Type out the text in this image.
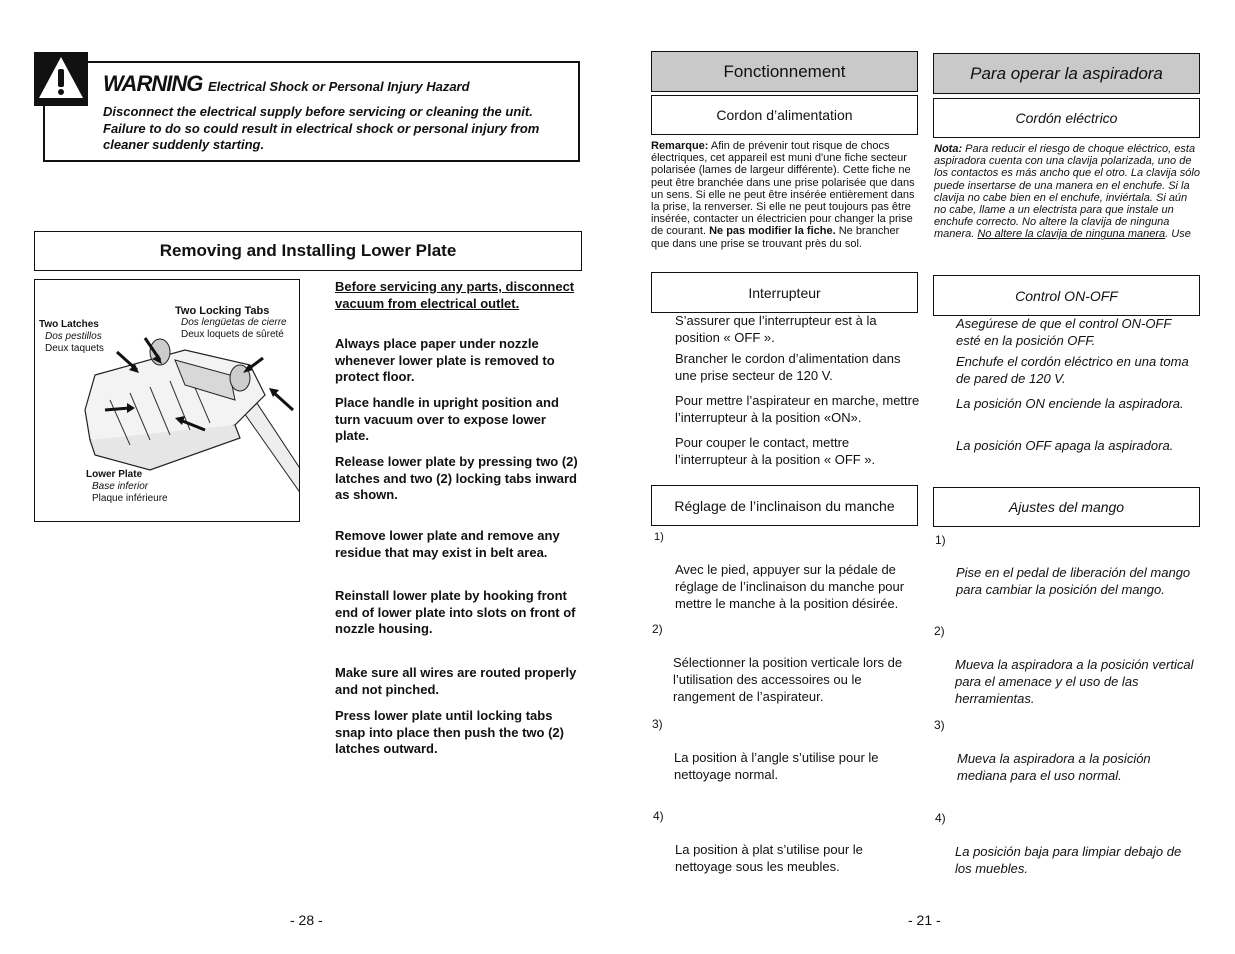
WARNING Electrical Shock or Personal Injury Hazard
Disconnect the electrical supply before servicing or cleaning the unit. Failure to do so could result in electrical shock or personal injury from cleaner suddenly starting.
Removing and Installing Lower Plate
Two Latches
Dos pestillos
Deux taquets
Two Locking Tabs
Dos lengüetas de cierre
Deux loquets de sûreté
Lower Plate
Base inferior
Plaque inférieure
Before servicing any parts, disconnect vacuum from electrical outlet.
Always place paper under nozzle whenever lower plate is removed to protect floor.
Place handle in upright position and turn vacuum over to expose lower plate.
Release lower plate by pressing two (2) latches and two (2) locking tabs inward as shown.
Remove lower plate and remove any residue that may exist in belt area.
Reinstall lower plate by hooking front end of lower plate into slots on front of nozzle housing.
Make sure all wires are routed properly and not pinched.
Press lower plate until locking tabs snap into place then push the two (2) latches outward.
- 28 -
Fonctionnement
Cordon d’alimentation
Remarque: Afin de prévenir tout risque de chocs électriques, cet appareil est muni d'une fiche secteur polarisée (lames de largeur différente). Cette fiche ne peut être branchée dans une prise polarisée que dans un sens. Si elle ne peut être insérée entièrement dans la prise, la renverser. Si elle ne peut toujours pas être insérée, contacter un électricien pour changer la prise de courant. Ne pas modifier la fiche. Ne brancher que dans une prise se trouvant près du sol.
Interrupteur
S’assurer que l’interrupteur est à la position « OFF ».
Brancher le cordon d’alimentation dans une prise secteur de 120 V.
Pour mettre l’aspirateur en marche, mettre l’interrupteur à la position «ON».
Pour couper le contact, mettre l’interrupteur à la position « OFF ».
Réglage de l’inclinaison du manche
1)
Avec le pied, appuyer sur la pédale de réglage de l’inclinaison du manche pour mettre le manche à la position désirée.
2)
Sélectionner la position verticale lors de l’utilisation des accessoires ou le rangement de l’aspirateur.
3)
La position à l’angle s’utilise pour le nettoyage normal.
4)
La position à plat s’utilise pour le nettoyage sous les meubles.
Para operar la aspiradora
Cordón eléctrico
Nota: Para reducir el riesgo de choque eléctrico, esta aspiradora cuenta con una clavija polarizada, uno de los contactos es más ancho que el otro. La clavija sólo puede insertarse de una manera en el enchufe. Si la clavija no cabe bien en el enchufe, inviértala. Si aún no cabe, llame a un electrista para que instale un enchufe correcto. No altere la clavija de ninguna manera. No altere la clavija de ninguna manera. Use
Control ON-OFF
Asegúrese de que el control ON-OFF esté en la posición OFF.
Enchufe el cordón eléctrico en una toma de pared de 120 V.
La posición ON enciende la aspiradora.
La posición OFF apaga la aspiradora.
Ajustes del mango
1)
Pise en el pedal de liberación del mango para cambiar la posición del mango.
2)
Mueva la aspiradora a la posición vertical para el amenace y el uso de las herramientas.
3)
Mueva la aspiradora a la posición mediana para el uso normal.
4)
La posición baja para limpiar debajo de los muebles.
- 21 -
